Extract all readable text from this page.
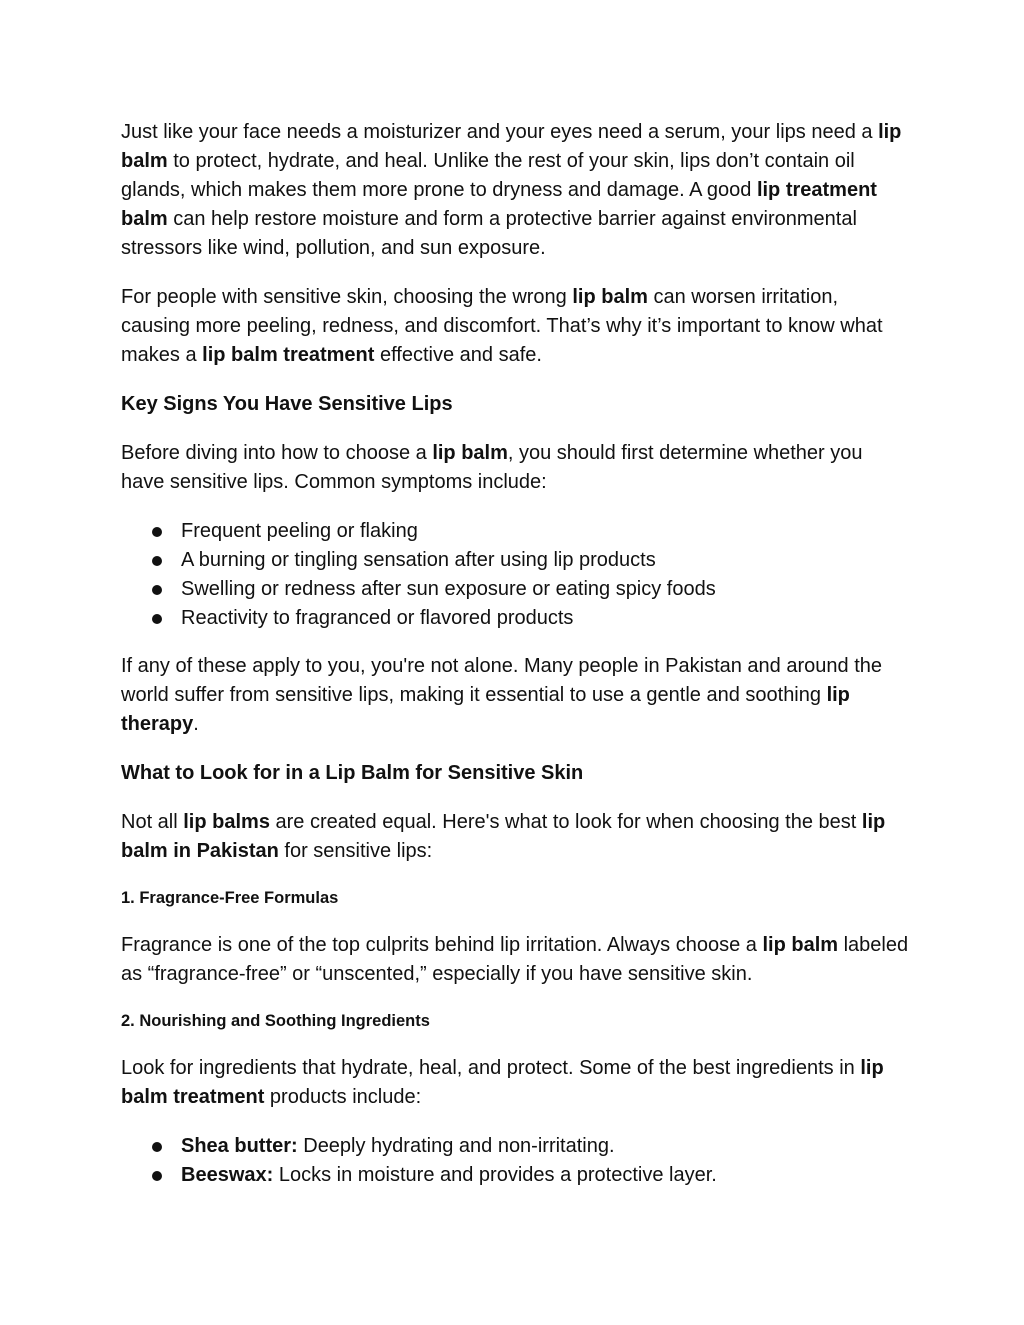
Just like your face needs a moisturizer and your eyes need a serum, your lips need a lip balm to protect, hydrate, and heal. Unlike the rest of your skin, lips don’t contain oil glands, which makes them more prone to dryness and damage. A good lip treatment balm can help restore moisture and form a protective barrier against environmental stressors like wind, pollution, and sun exposure.

For people with sensitive skin, choosing the wrong lip balm can worsen irritation, causing more peeling, redness, and discomfort. That’s why it’s important to know what makes a lip balm treatment effective and safe.

Key Signs You Have Sensitive Lips

Before diving into how to choose a lip balm, you should first determine whether you have sensitive lips. Common symptoms include:

Frequent peeling or flaking
A burning or tingling sensation after using lip products
Swelling or redness after sun exposure or eating spicy foods
Reactivity to fragranced or flavored products

If any of these apply to you, you're not alone. Many people in Pakistan and around the world suffer from sensitive lips, making it essential to use a gentle and soothing lip therapy.

What to Look for in a Lip Balm for Sensitive Skin

Not all lip balms are created equal. Here's what to look for when choosing the best lip balm in Pakistan for sensitive lips:

1. Fragrance-Free Formulas

Fragrance is one of the top culprits behind lip irritation. Always choose a lip balm labeled as “fragrance-free” or “unscented,” especially if you have sensitive skin.

2. Nourishing and Soothing Ingredients

Look for ingredients that hydrate, heal, and protect. Some of the best ingredients in lip balm treatment products include:

Shea butter: Deeply hydrating and non-irritating.
Beeswax: Locks in moisture and provides a protective layer.
